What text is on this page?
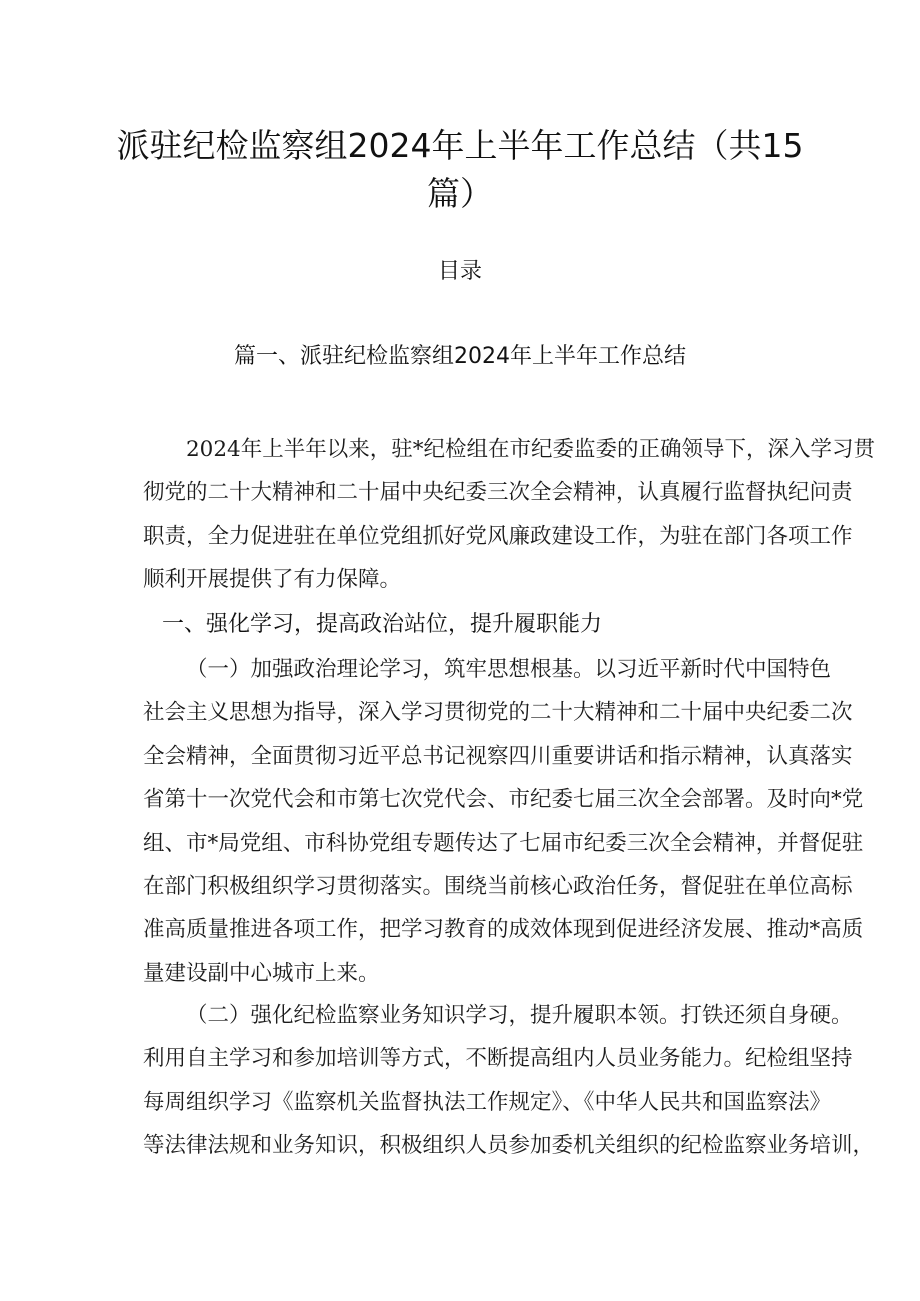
派驻纪检监察组2024年上半年工作总结（共15
篇）
目录
篇一、派驻纪检监察组2024年上半年工作总结
2024年上半年以来，驻*纪检组在市纪委监委的正确领导下，深入学习贯
彻党的二十大精神和二十届中央纪委三次全会精神，认真履行监督执纪问责
职责，全力促进驻在单位党组抓好党风廉政建设工作，为驻在部门各项工作
顺利开展提供了有力保障。
一、强化学习，提高政治站位，提升履职能力
（一）加强政治理论学习，筑牢思想根基。以习近平新时代中国特色
社会主义思想为指导，深入学习贯彻党的二十大精神和二十届中央纪委二次
全会精神，全面贯彻习近平总书记视察四川重要讲话和指示精神，认真落实
省第十一次党代会和市第七次党代会、市纪委七届三次全会部署。及时向*党
组、市*局党组、市科协党组专题传达了七届市纪委三次全会精神，并督促驻
在部门积极组织学习贯彻落实。围绕当前核心政治任务，督促驻在单位高标
准高质量推进各项工作，把学习教育的成效体现到促进经济发展、推动*高质
量建设副中心城市上来。
（二）强化纪检监察业务知识学习，提升履职本领。打铁还须自身硬。
利用自主学习和参加培训等方式，不断提高组内人员业务能力。纪检组坚持
每周组织学习《监察机关监督执法工作规定》、《中华人民共和国监察法》
等法律法规和业务知识，积极组织人员参加委机关组织的纪检监察业务培训，
